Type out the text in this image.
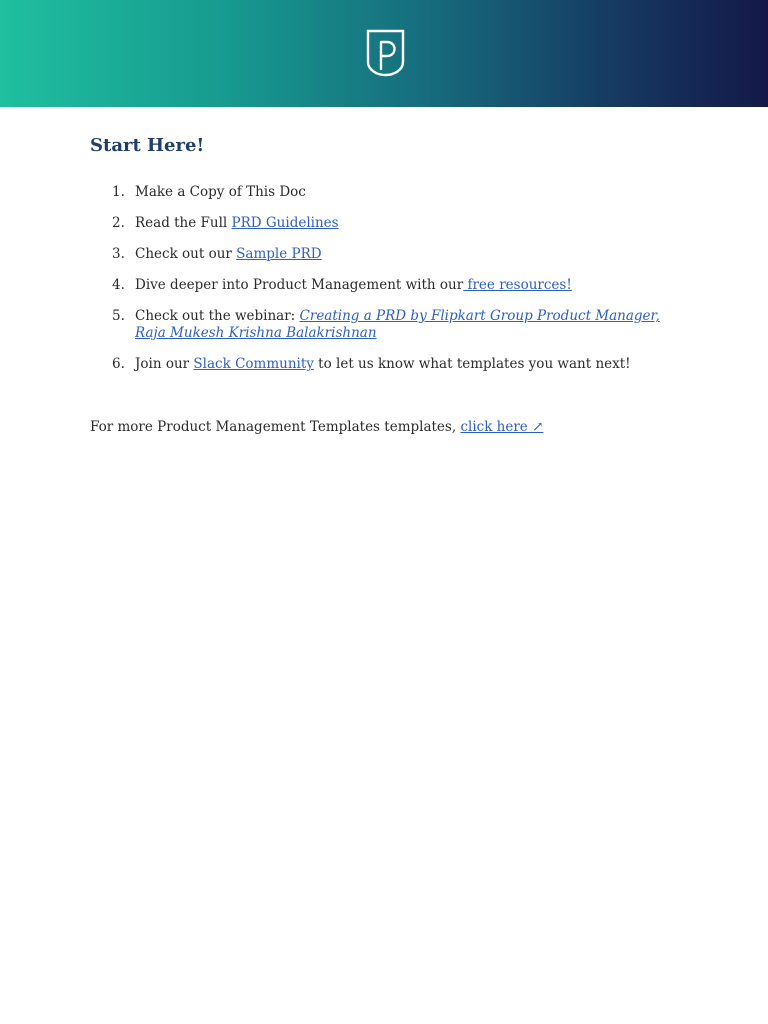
Start Here!
1. Make a Copy of This Doc
2. Read the Full PRD Guidelines
3. Check out our Sample PRD
4. Dive deeper into Product Management with our free resources!
5. Check out the webinar: Creating a PRD by Flipkart Group Product Manager, Raja Mukesh Krishna Balakrishnan
6. Join our Slack Community to let us know what templates you want next!
For more Product Management Templates templates, click here ↗
